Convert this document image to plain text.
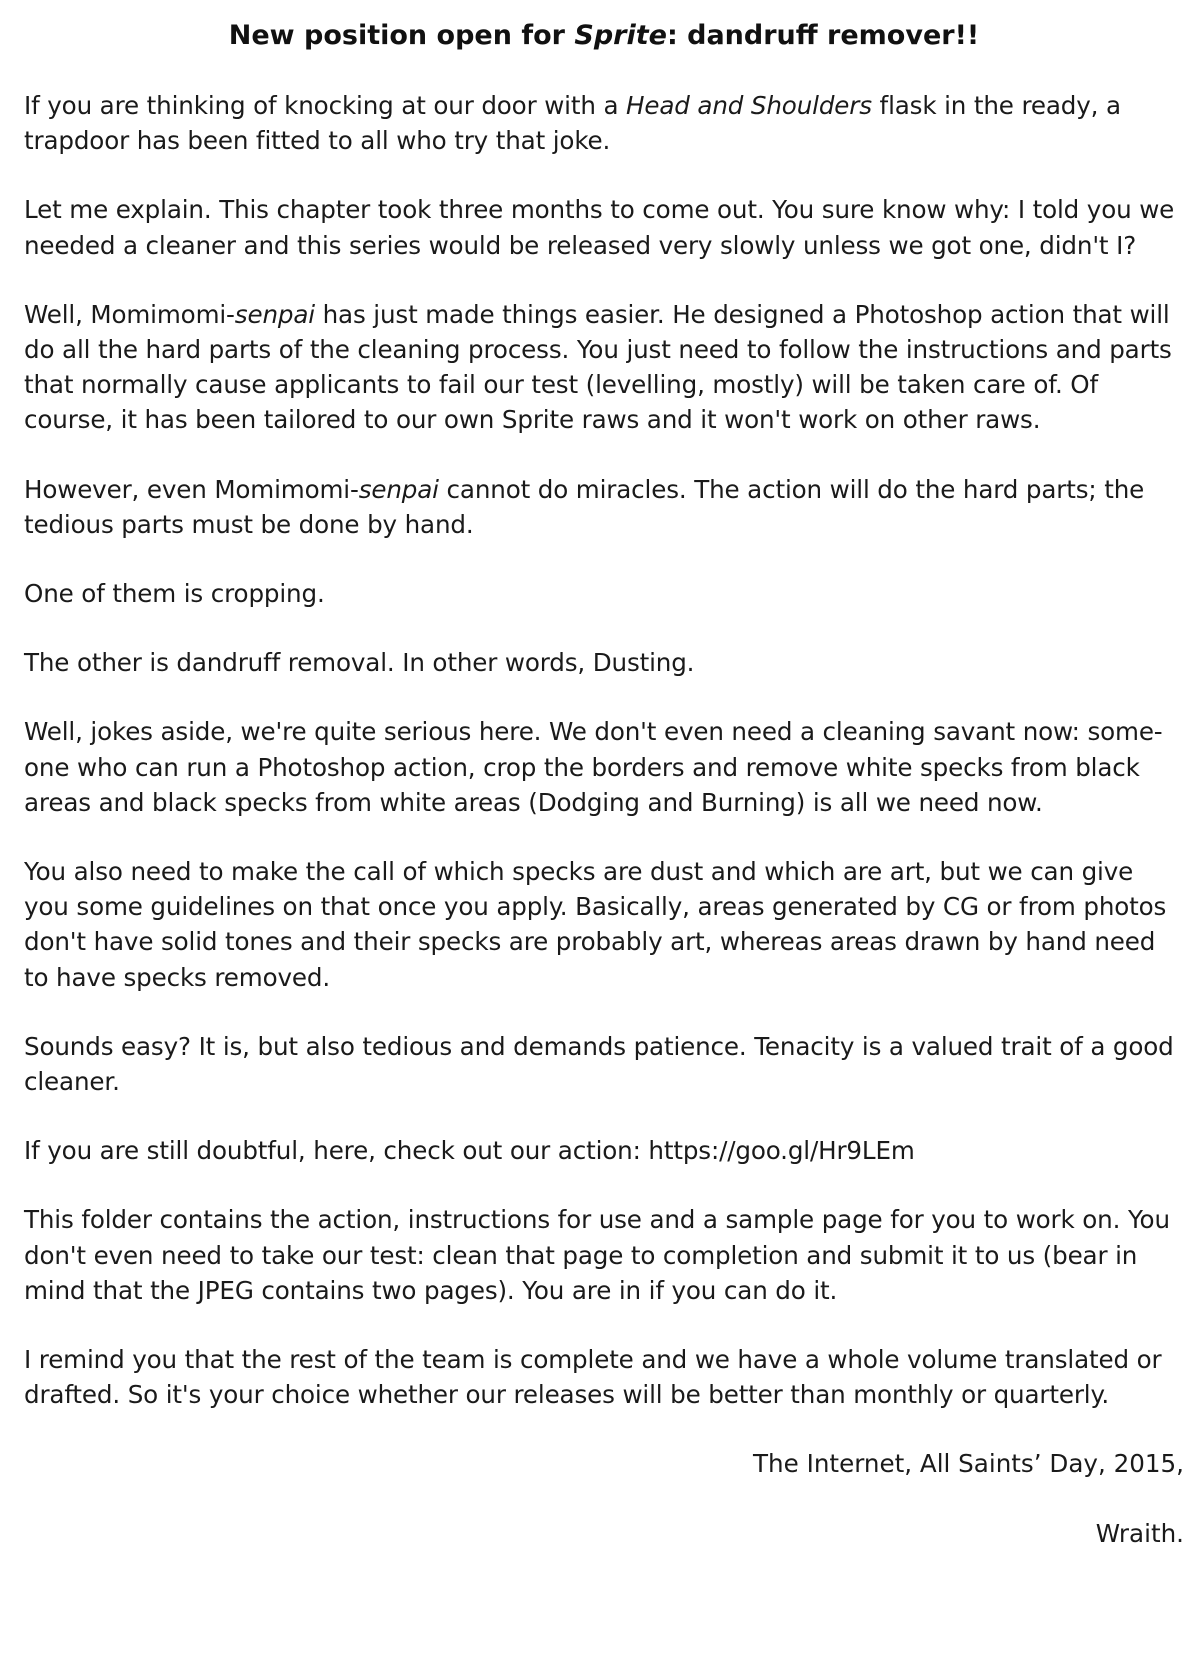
New position open for Sprite: dandruff remover!!

If you are thinking of knocking at our door with a Head and Shoulders flask in the ready, a trapdoor has been fitted to all who try that joke.

Let me explain. This chapter took three months to come out. You sure know why: I told you we needed a cleaner and this series would be released very slowly unless we got one, didn't I?

Well, Momimomi-senpai has just made things easier. He designed a Photoshop action that will do all the hard parts of the cleaning process. You just need to follow the instructions and parts that normally cause applicants to fail our test (levelling, mostly) will be taken care of. Of course, it has been tailored to our own Sprite raws and it won't work on other raws.

However, even Momimomi-senpai cannot do miracles. The action will do the hard parts; the tedious parts must be done by hand.

One of them is cropping.

The other is dandruff removal. In other words, Dusting.

Well, jokes aside, we're quite serious here. We don't even need a cleaning savant now: some-one who can run a Photoshop action, crop the borders and remove white specks from black areas and black specks from white areas (Dodging and Burning) is all we need now.

You also need to make the call of which specks are dust and which are art, but we can give you some guidelines on that once you apply. Basically, areas generated by CG or from photos don't have solid tones and their specks are probably art, whereas areas drawn by hand need to have specks removed.

Sounds easy? It is, but also tedious and demands patience. Tenacity is a valued trait of a good cleaner.

If you are still doubtful, here, check out our action: https://goo.gl/Hr9LEm

This folder contains the action, instructions for use and a sample page for you to work on. You don't even need to take our test: clean that page to completion and submit it to us (bear in mind that the JPEG contains two pages). You are in if you can do it.

I remind you that the rest of the team is complete and we have a whole volume translated or drafted. So it's your choice whether our releases will be better than monthly or quarterly.

The Internet, All Saints’ Day, 2015,
Wraith.
